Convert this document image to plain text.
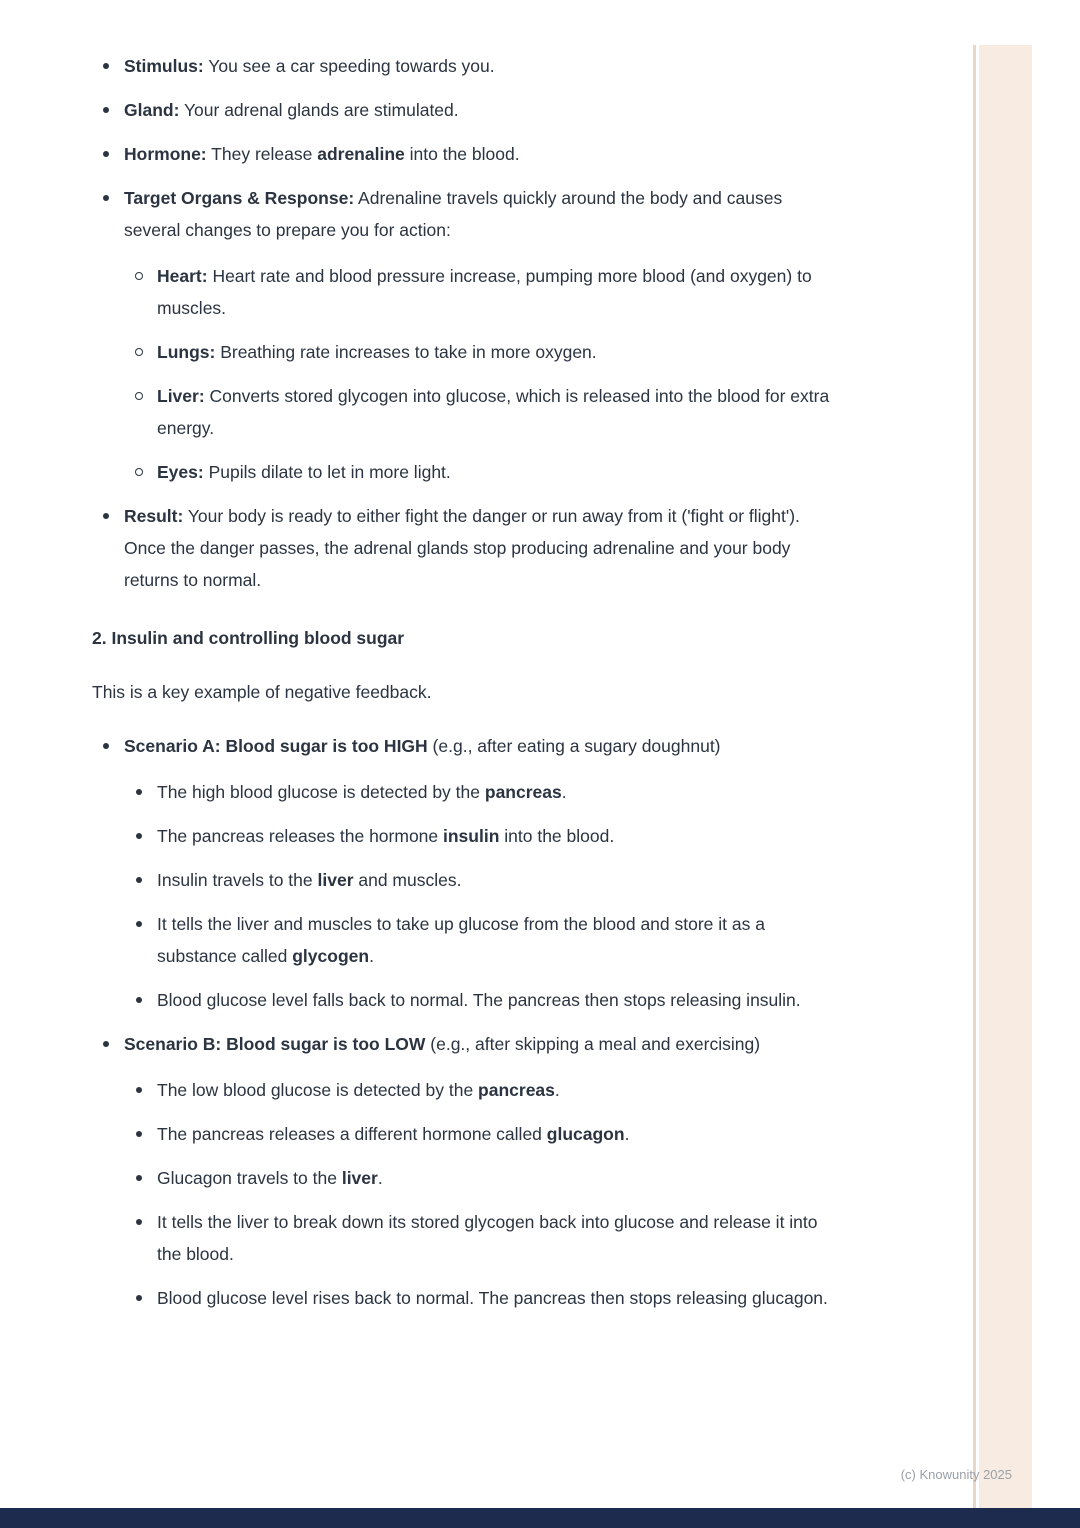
Stimulus: You see a car speeding towards you.
Gland: Your adrenal glands are stimulated.
Hormone: They release adrenaline into the blood.
Target Organs & Response: Adrenaline travels quickly around the body and causes several changes to prepare you for action:
Heart: Heart rate and blood pressure increase, pumping more blood (and oxygen) to muscles.
Lungs: Breathing rate increases to take in more oxygen.
Liver: Converts stored glycogen into glucose, which is released into the blood for extra energy.
Eyes: Pupils dilate to let in more light.
Result: Your body is ready to either fight the danger or run away from it ('fight or flight'). Once the danger passes, the adrenal glands stop producing adrenaline and your body returns to normal.
2. Insulin and controlling blood sugar

This is a key example of negative feedback.

Scenario A: Blood sugar is too HIGH (e.g., after eating a sugary doughnut)
The high blood glucose is detected by the pancreas.
The pancreas releases the hormone insulin into the blood.
Insulin travels to the liver and muscles.
It tells the liver and muscles to take up glucose from the blood and store it as a substance called glycogen.
Blood glucose level falls back to normal. The pancreas then stops releasing insulin.
Scenario B: Blood sugar is too LOW (e.g., after skipping a meal and exercising)
The low blood glucose is detected by the pancreas.
The pancreas releases a different hormone called glucagon.
Glucagon travels to the liver.
It tells the liver to break down its stored glycogen back into glucose and release it into the blood.
Blood glucose level rises back to normal. The pancreas then stops releasing glucagon.
(c) Knowunity 2025
